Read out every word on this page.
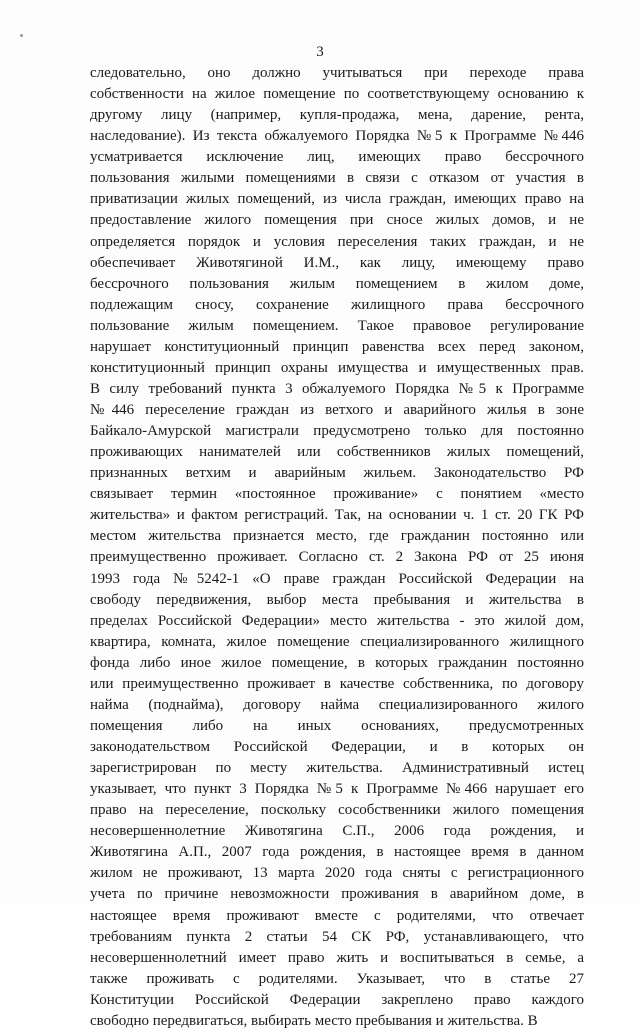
3
следовательно, оно должно учитываться при переходе права
собственности на жилое помещение по соответствующему основанию к
другому лицу (например, купля-продажа, мена, дарение, рента,
наследование). Из текста обжалуемого Порядка №5 к Программе №446
усматривается исключение лиц, имеющих право бессрочного
пользования жилыми помещениями в связи с отказом от участия в
приватизации жилых помещений, из числа граждан, имеющих право на
предоставление жилого помещения при сносе жилых домов, и не
определяется порядок и условия переселения таких граждан, и не
обеспечивает Животягиной И.М., как лицу, имеющему право
бессрочного пользования жилым помещением в жилом доме,
подлежащим сносу, сохранение жилищного права бессрочного
пользование жилым помещением. Такое правовое регулирование
нарушает конституционный принцип равенства всех перед законом,
конституционный принцип охраны имущества и имущественных прав.
В силу требований пункта 3 обжалуемого Порядка №5 к Программе
№446 переселение граждан из ветхого и аварийного жилья в зоне
Байкало-Амурской магистрали предусмотрено только для постоянно
проживающих нанимателей или собственников жилых помещений,
признанных ветхим и аварийным жильем. Законодательство РФ
связывает термин «постоянное проживание» с понятием «место
жительства» и фактом регистраций. Так, на основании ч. 1 ст. 20 ГК РФ
местом жительства признается место, где гражданин постоянно или
преимущественно проживает. Согласно ст. 2 Закона РФ от 25 июня
1993 года №5242-1 «О праве граждан Российской Федерации на
свободу передвижения, выбор места пребывания и жительства в
пределах Российской Федерации» место жительства - это жилой дом,
квартира, комната, жилое помещение специализированного жилищного
фонда либо иное жилое помещение, в которых гражданин постоянно
или преимущественно проживает в качестве собственника, по договору
найма (поднайма), договору найма специализированного жилого
помещения либо на иных основаниях, предусмотренных
законодательством Российской Федерации, и в которых он
зарегистрирован по месту жительства. Административный истец
указывает, что пункт 3 Порядка №5 к Программе №466 нарушает его
право на переселение, поскольку сособственники жилого помещения
несовершеннолетние Животягина С.П., 2006 года рождения, и
Животягина А.П., 2007 года рождения, в настоящее время в данном
жилом не проживают, 13 марта 2020 года сняты с регистрационного
учета по причине невозможности проживания в аварийном доме, в
настоящее время проживают вместе с родителями, что отвечает
требованиям пункта 2 статьи 54 СК РФ, устанавливающего, что
несовершеннолетний имеет право жить и воспитываться в семье, а
также проживать с родителями. Указывает, что в статье 27
Конституции Российской Федерации закреплено право каждого
свободно передвигаться, выбирать место пребывания и жительства. В
